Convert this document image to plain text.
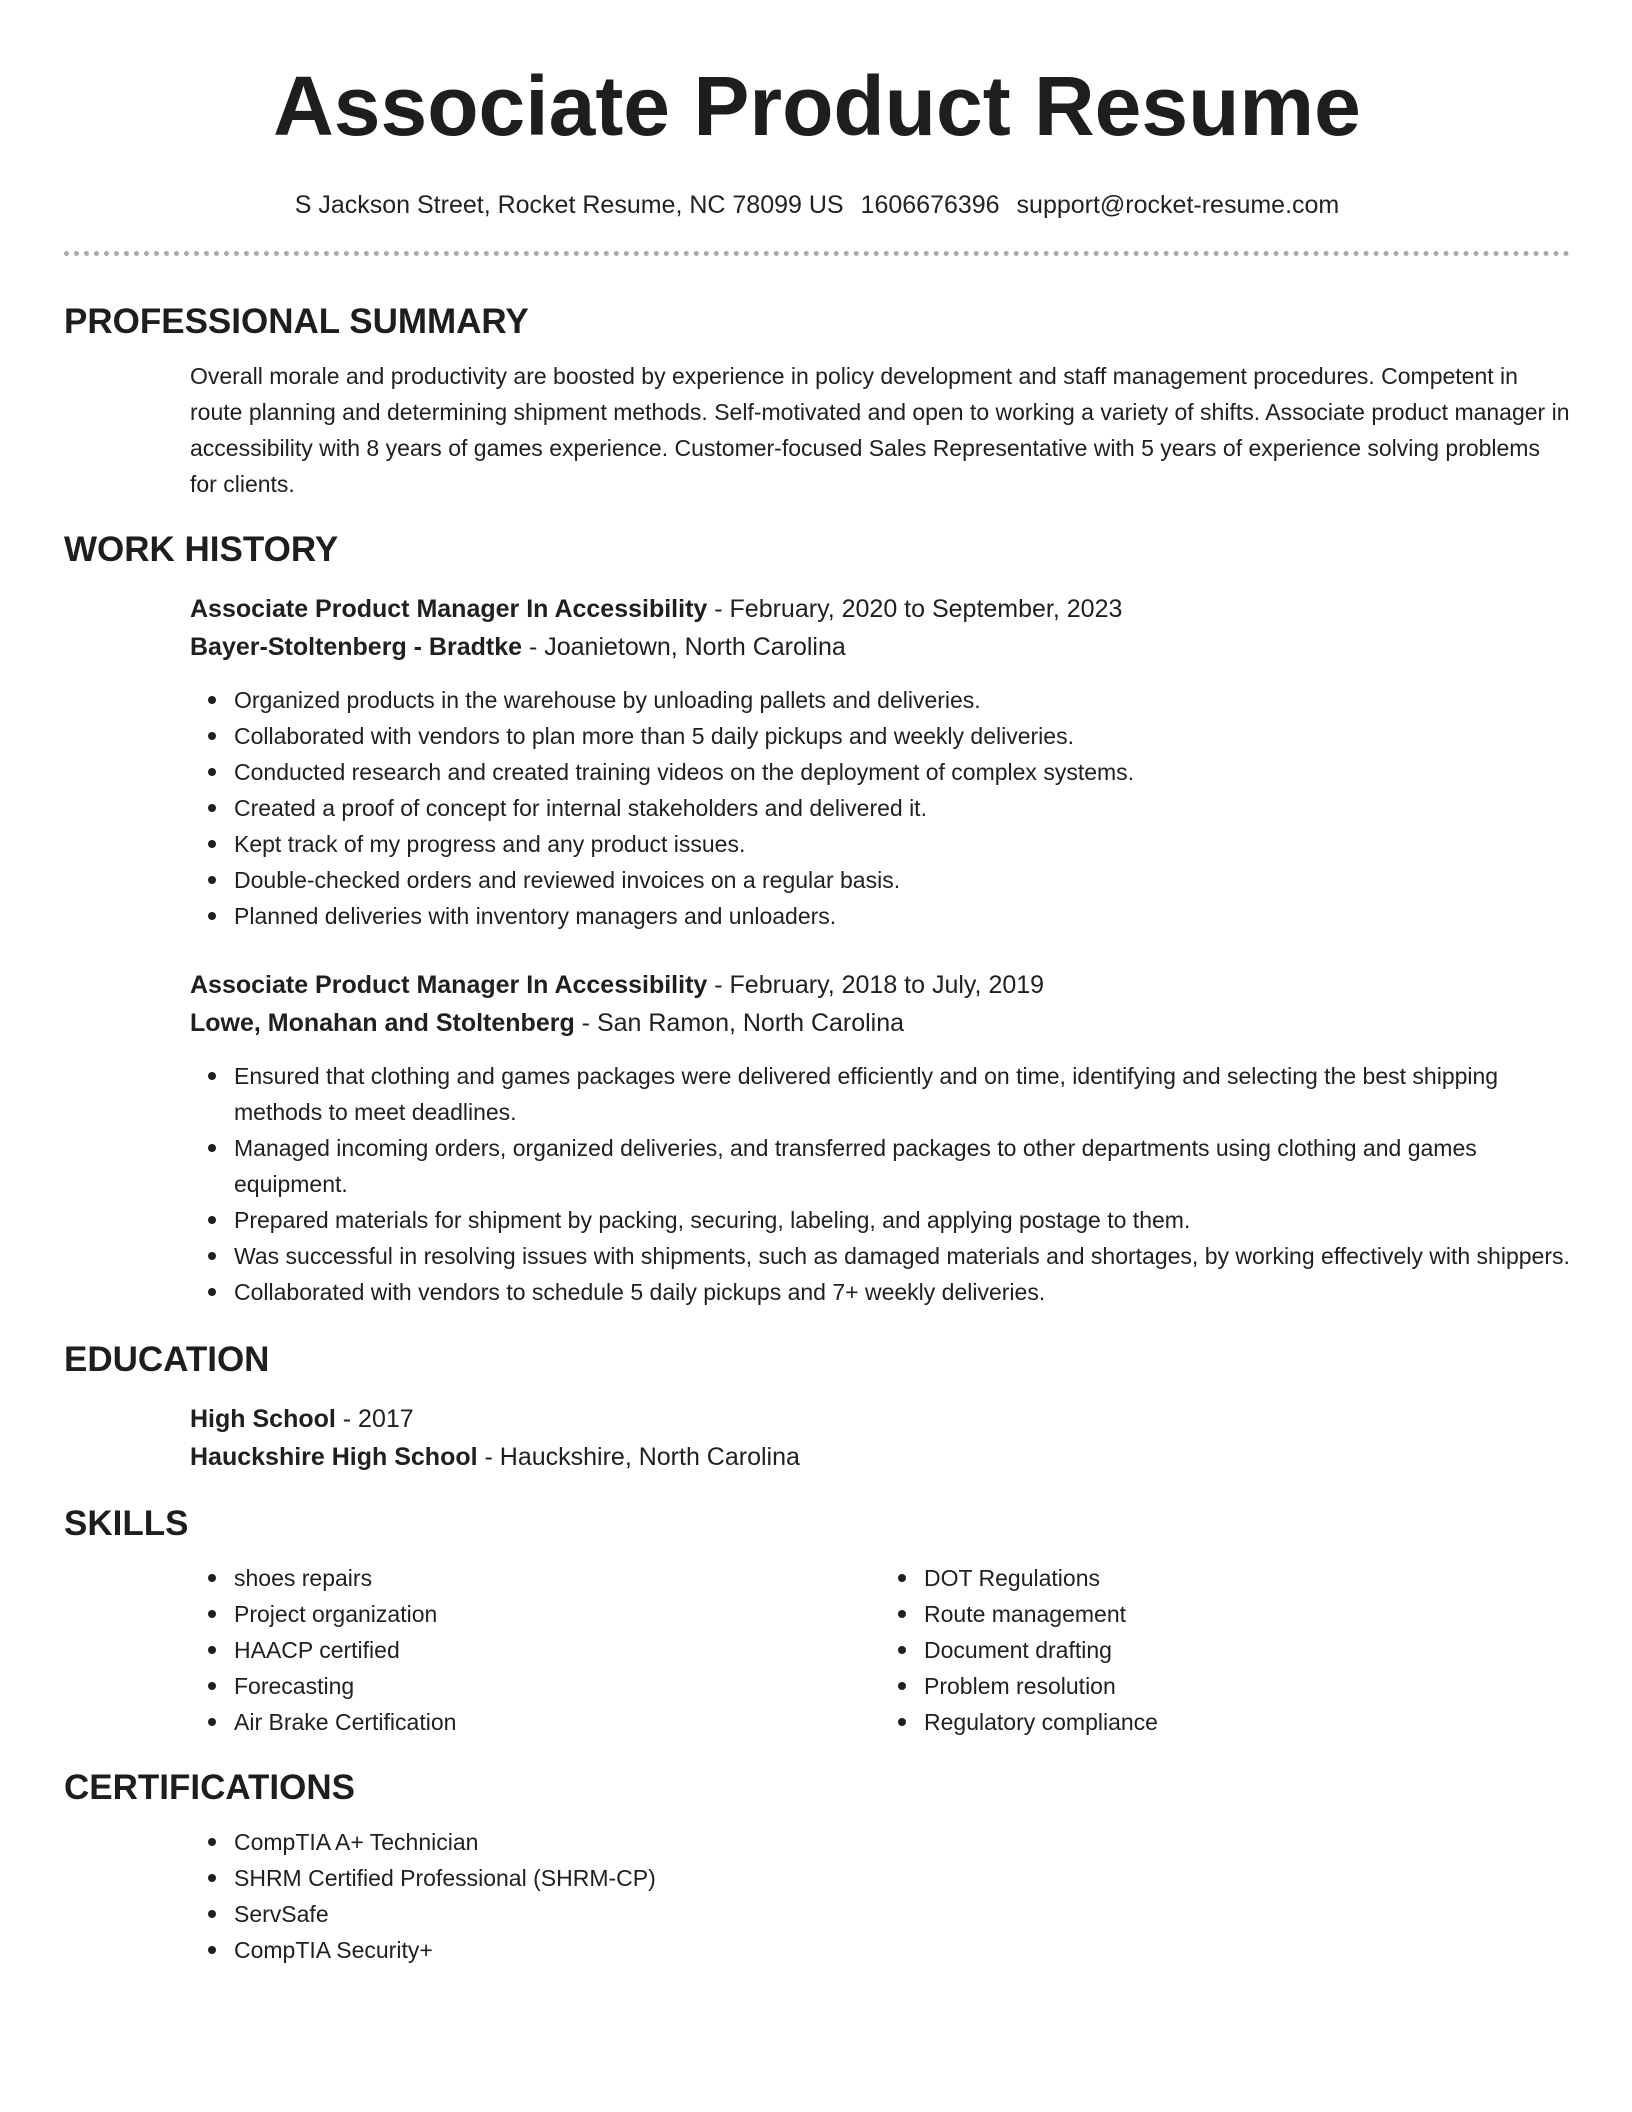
Associate Product Resume
S Jackson Street, Rocket Resume, NC 78099 US 1606676396 support@rocket-resume.com
PROFESSIONAL SUMMARY

Overall morale and productivity are boosted by experience in policy development and staff management procedures. Competent in route planning and determining shipment methods. Self-motivated and open to working a variety of shifts. Associate product manager in accessibility with 8 years of games experience. Customer-focused Sales Representative with 5 years of experience solving problems for clients.

WORK HISTORY
Associate Product Manager In Accessibility - February, 2020 to September, 2023
Bayer-Stoltenberg - Bradtke - Joanietown, North Carolina
Organized products in the warehouse by unloading pallets and deliveries.
Collaborated with vendors to plan more than 5 daily pickups and weekly deliveries.
Conducted research and created training videos on the deployment of complex systems.
Created a proof of concept for internal stakeholders and delivered it.
Kept track of my progress and any product issues.
Double-checked orders and reviewed invoices on a regular basis.
Planned deliveries with inventory managers and unloaders.
Associate Product Manager In Accessibility - February, 2018 to July, 2019
Lowe, Monahan and Stoltenberg - San Ramon, North Carolina
Ensured that clothing and games packages were delivered efficiently and on time, identifying and selecting the best shipping methods to meet deadlines.
Managed incoming orders, organized deliveries, and transferred packages to other departments using clothing and games equipment.
Prepared materials for shipment by packing, securing, labeling, and applying postage to them.
Was successful in resolving issues with shipments, such as damaged materials and shortages, by working effectively with shippers.
Collaborated with vendors to schedule 5 daily pickups and 7+ weekly deliveries.
EDUCATION
High School - 2017
Hauckshire High School - Hauckshire, North Carolina
SKILLS
shoes repairs
Project organization
HAACP certified
Forecasting
Air Brake Certification
DOT Regulations
Route management
Document drafting
Problem resolution
Regulatory compliance
CERTIFICATIONS
CompTIA A+ Technician
SHRM Certified Professional (SHRM-CP)
ServSafe
CompTIA Security+
